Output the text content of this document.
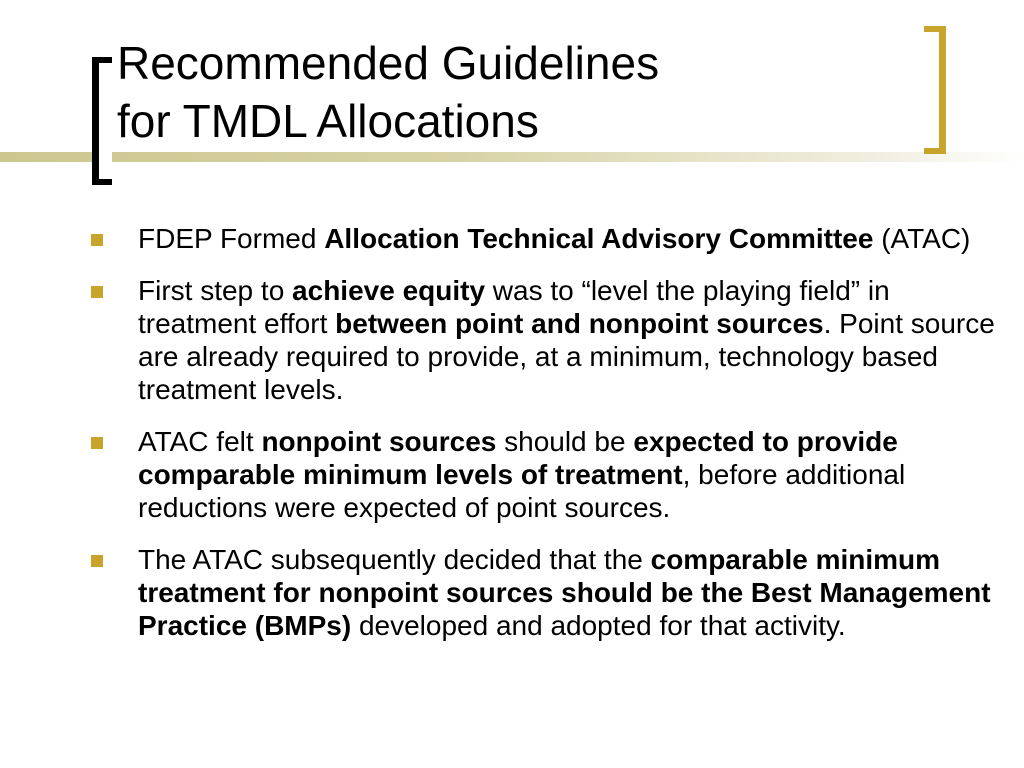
Recommended Guidelines
for TMDL Allocations
FDEP Formed Allocation Technical Advisory Committee (ATAC)
First step to achieve equity was to “level the playing field” in treatment effort between point and nonpoint sources. Point source are already required to provide, at a minimum, technology based treatment levels.
ATAC felt nonpoint sources should be expected to provide comparable minimum levels of treatment, before additional reductions were expected of point sources.
The ATAC subsequently decided that the comparable minimum treatment for nonpoint sources should be the Best Management Practice (BMPs) developed and adopted for that activity.
